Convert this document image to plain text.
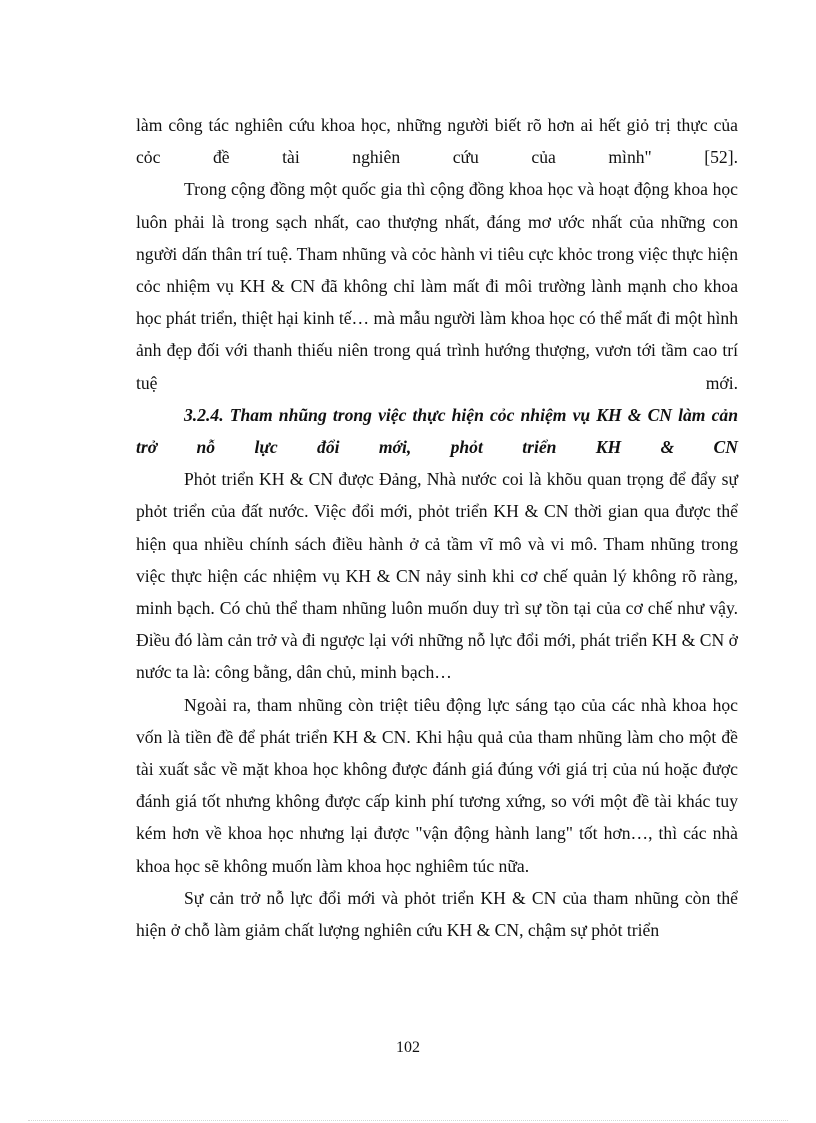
làm công tác nghiên cứu khoa học, những người biết rõ hơn ai hết giỏ trị thực của cỏc đề tài nghiên cứu của mình" [52].

Trong cộng đồng một quốc gia thì cộng đồng khoa học và hoạt động khoa học luôn phải là trong sạch nhất, cao thượng nhất, đáng mơ ước nhất của những con người dấn thân trí tuệ. Tham nhũng và cỏc hành vi tiêu cực khỏc trong việc thực hiện cỏc nhiệm vụ KH & CN đã không chỉ làm mất đi môi trường lành mạnh cho khoa học phát triển, thiệt hại kinh tế… mà mẫu người làm khoa học có thể mất đi một hình ảnh đẹp đối với thanh thiếu niên trong quá trình hướng thượng, vươn tới tầm cao trí tuệ mới.

3.2.4. Tham nhũng trong việc thực hiện cỏc nhiệm vụ KH & CN làm cản trở nỗ lực đổi mới, phỏt triển KH & CN

Phỏt triển KH & CN được Đảng, Nhà nước coi là khõu quan trọng để đẩy sự phỏt triển của đất nước. Việc đổi mới, phỏt triển KH & CN thời gian qua được thể hiện qua nhiều chính sách điều hành ở cả tầm vĩ mô và vi mô. Tham nhũng trong việc thực hiện các nhiệm vụ KH & CN nảy sinh khi cơ chế quản lý không rõ ràng, minh bạch. Có chủ thể tham nhũng luôn muốn duy trì sự tồn tại của cơ chế như vậy. Điều đó làm cản trở và đi ngược lại với những nỗ lực đổi mới, phát triển KH & CN ở nước ta là: công bằng, dân chủ, minh bạch…

Ngoài ra, tham nhũng còn triệt tiêu động lực sáng tạo của các nhà khoa học vốn là tiền đề để phát triển KH & CN. Khi hậu quả của tham nhũng làm cho một đề tài xuất sắc về mặt khoa học không được đánh giá đúng với giá trị của nú hoặc được đánh giá tốt nhưng không được cấp kinh phí tương xứng, so với một đề tài khác tuy kém hơn về khoa học nhưng lại được "vận động hành lang" tốt hơn…, thì các nhà khoa học sẽ không muốn làm khoa học nghiêm túc nữa.

Sự cản trở nỗ lực đổi mới và phỏt triển KH & CN của tham nhũng còn thể hiện ở chỗ làm giảm chất lượng nghiên cứu KH & CN, chậm sự phỏt triển

102
